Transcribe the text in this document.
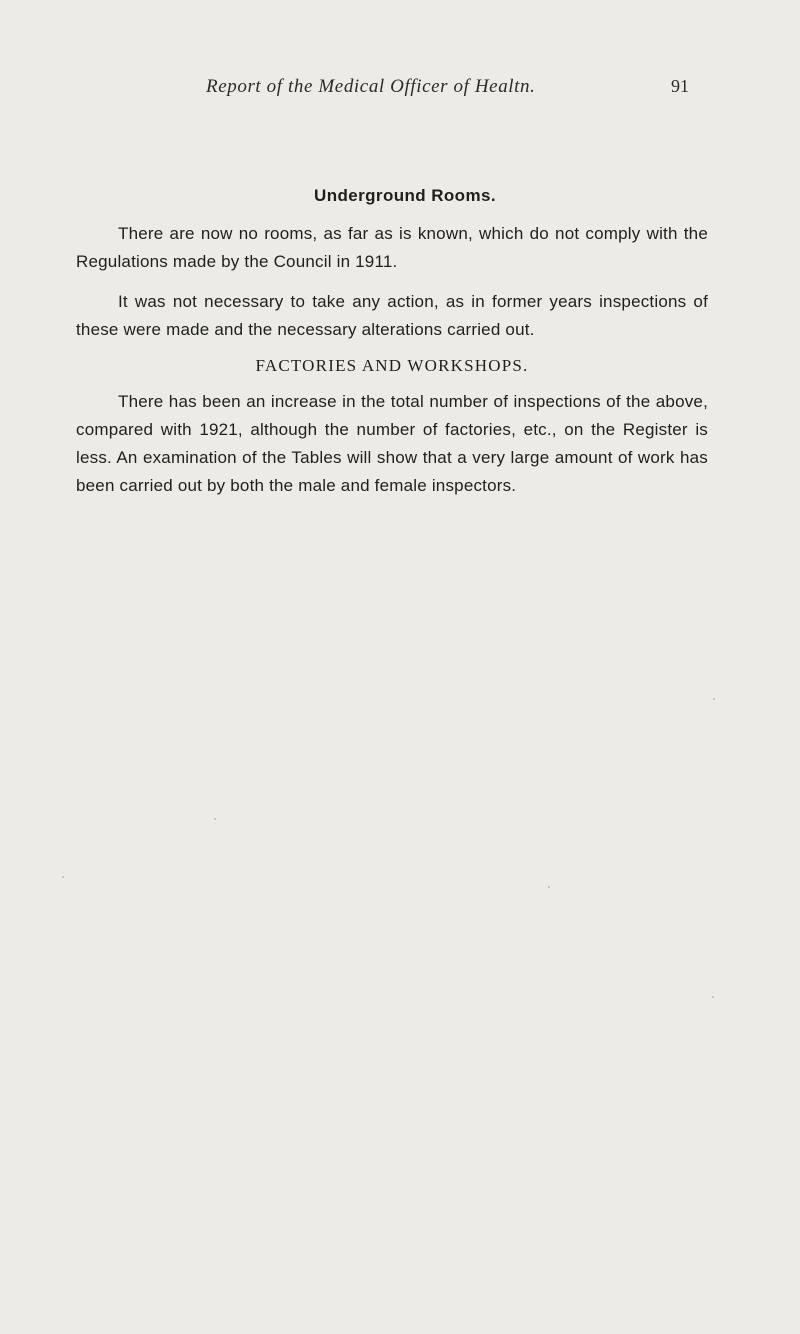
Report of the Medical Officer of Healtn.	91
Underground Rooms.

There are now no rooms, as far as is known, which do not comply with the Regulations made by the Council in 1911.

It was not necessary to take any action, as in former years inspections of these were made and the necessary alterations carried out.

FACTORIES AND WORKSHOPS.

There has been an increase in the total number of inspections of the above, compared with 1921, although the number of factories, etc., on the Register is less. An examination of the Tables will show that a very large amount of work has been carried out by both the male and female inspectors.
